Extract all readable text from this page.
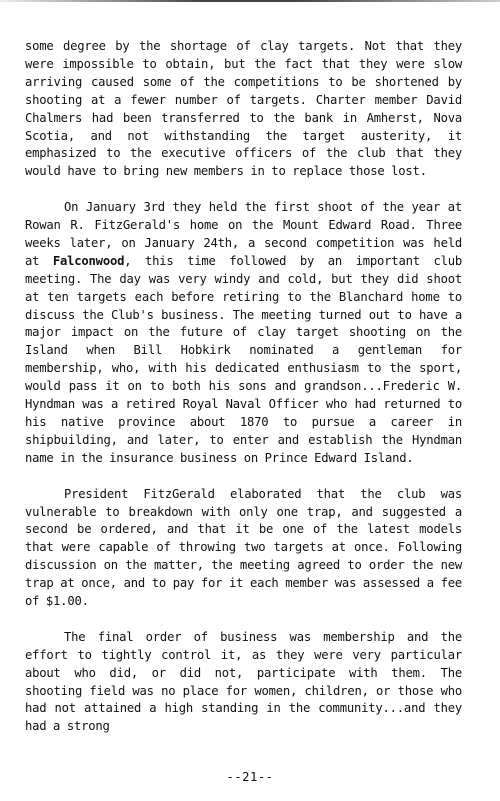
some degree by the shortage of clay targets. Not that they were impossible to obtain, but the fact that they were slow arriving caused some of the competitions to be shortened by shooting at a fewer number of targets. Charter member David Chalmers had been transferred to the bank in Amherst, Nova Scotia, and not withstanding the target austerity, it emphasized to the executive officers of the club that they would have to bring new members in to replace those lost.

On January 3rd they held the first shoot of the year at Rowan R. FitzGerald's home on the Mount Edward Road. Three weeks later, on January 24th, a second competition was held at Falconwood, this time followed by an important club meeting. The day was very windy and cold, but they did shoot at ten targets each before retiring to the Blanchard home to discuss the Club's business. The meeting turned out to have a major impact on the future of clay target shooting on the Island when Bill Hobkirk nominated a gentleman for membership, who, with his dedicated enthusiasm to the sport, would pass it on to both his sons and grandson...Frederic W. Hyndman was a retired Royal Naval Officer who had returned to his native province about 1870 to pursue a career in shipbuilding, and later, to enter and establish the Hyndman name in the insurance business on Prince Edward Island.

President FitzGerald elaborated that the club was vulnerable to breakdown with only one trap, and suggested a second be ordered, and that it be one of the latest models that were capable of throwing two targets at once. Following discussion on the matter, the meeting agreed to order the new trap at once, and to pay for it each member was assessed a fee of $1.00.

The final order of business was membership and the effort to tightly control it, as they were very particular about who did, or did not, participate with them. The shooting field was no place for women, children, or those who had not attained a high standing in the community...and they had a strong

--21--
